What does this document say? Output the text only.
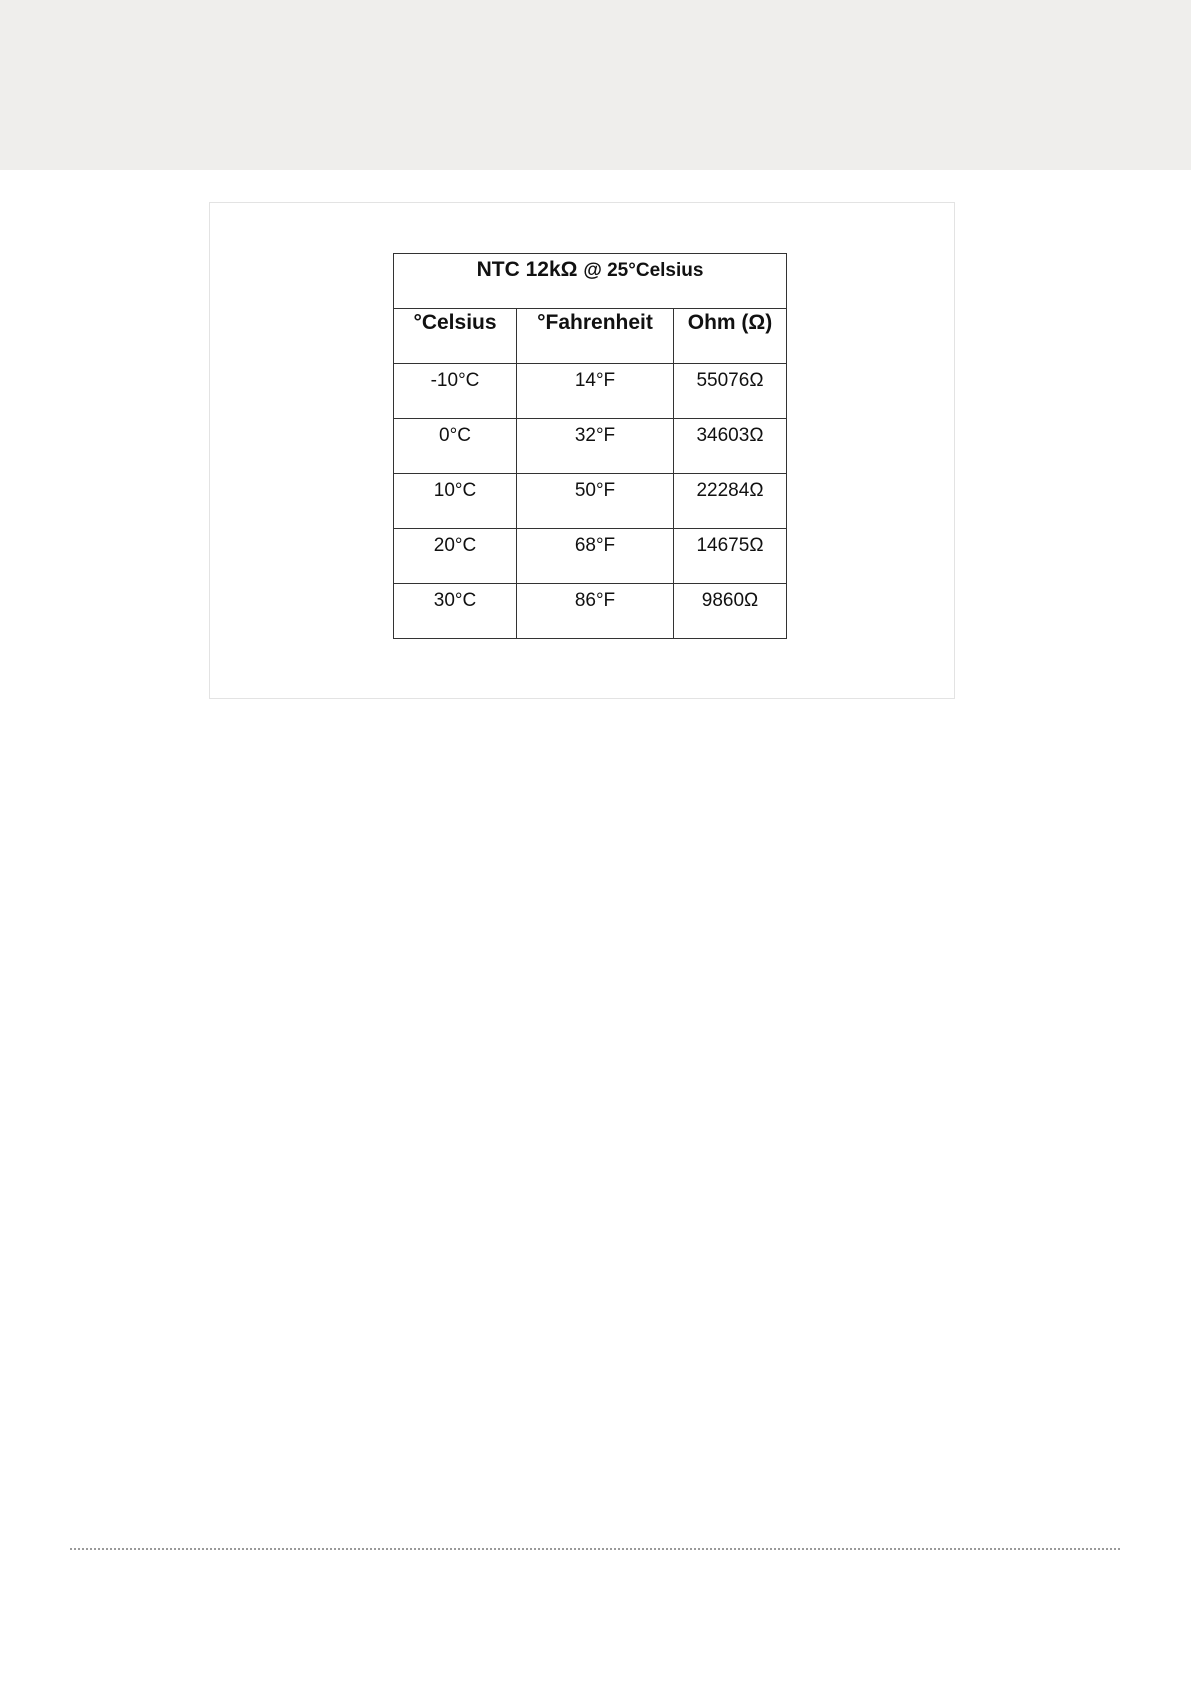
NTC 12kΩ @ 25°Celsius		
°Celsius	°Fahrenheit	Ohm (Ω)
-10°C	14°F	55076Ω
0°C	32°F	34603Ω
10°C	50°F	22284Ω
20°C	68°F	14675Ω
30°C	86°F	9860Ω
